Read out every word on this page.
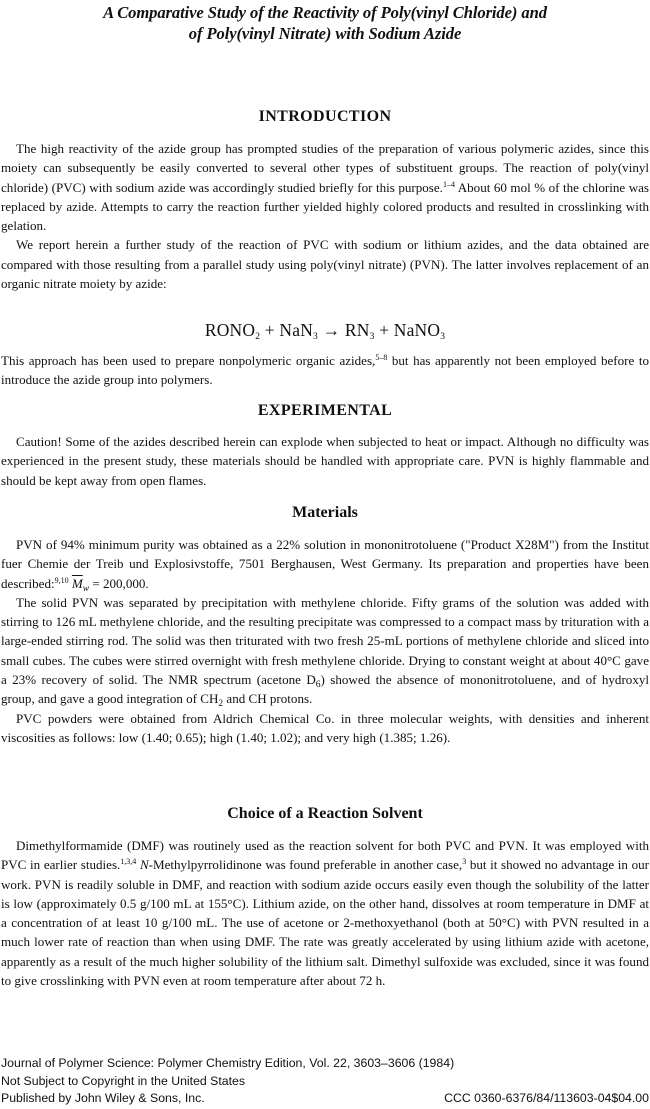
A Comparative Study of the Reactivity of Poly(vinyl Chloride) and
of Poly(vinyl Nitrate) with Sodium Azide
INTRODUCTION

The high reactivity of the azide group has prompted studies of the preparation of various polymeric azides, since this moiety can subsequently be easily converted to several other types of substituent groups. The reaction of poly(vinyl chloride) (PVC) with sodium azide was accordingly studied briefly for this purpose.$^{1-4}$ About 60 mol % of the chlorine was replaced by azide. Attempts to carry the reaction further yielded highly colored products and resulted in crosslinking with gelation.

We report herein a further study of the reaction of PVC with sodium or lithium azides, and the data obtained are compared with those resulting from a parallel study using poly(vinyl nitrate) (PVN). The latter involves replacement of an organic nitrate moiety by azide:

$RONO_2 + NaN_3 \to RN_3$ + NaNO$_3$

This approach has been used to prepare nonpolymeric organic azides,$^{5-8}$ but has apparently not been employed before to introduce the azide group into polymers.

EXPERIMENTAL

Caution! Some of the azides described herein can explode when subjected to heat or impact. Although no difficulty was experienced in the present study, these materials should be handled with appropriate care. PVN is highly flammable and should be kept away from open flames.

Materials

PVN of 94% minimum purity was obtained as a 22% solution in mononitrotoluene ("Product X28M") from the Institut fuer Chemie der Treib und Explosivstoffe, 7501 Berghausen, West Germany. Its preparation and properties have been described:$^{9,10}$ $\overline{M}_w = 200,000$.

The solid PVN was separated by precipitation with methylene chloride. Fifty grams of the solution was added with stirring to 126 mL methylene chloride, and the resulting precipitate was compressed to a compact mass by trituration with a large-ended stirring rod. The solid was then triturated with two fresh 25-mL portions of methylene chloride and sliced into small cubes. The cubes were stirred overnight with fresh methylene chloride. Drying to constant weight at about 40°C gave a 23% recovery of solid. The NMR spectrum (acetone $D_6$) showed the absence of mononitrotoluene, and of hydroxyl group, and gave a good integration of $CH_2$ and CH protons.

PVC powders were obtained from Aldrich Chemical Co. in three molecular weights, with densities and inherent viscosities as follows: low (1.40; 0.65); high (1.40; 1.02); and very high (1.385; 1.26).

Choice of a Reaction Solvent

Dimethylformamide (DMF) was routinely used as the reaction solvent for both PVC and PVN. It was employed with PVC in earlier studies.$^{1,3,4}$ N-Methylpyrrolidinone was found preferable in another case,$^3$ but it showed no advantage in our work. PVN is readily soluble in DMF, and reaction with sodium azide occurs easily even though the solubility of the latter is low (approximately 0.5 g/100 mL at 155°C). Lithium azide, on the other hand, dissolves at room temperature in DMF at a concentration of at least 10 g/100 mL. The use of acetone or 2-methoxyethanol (both at 50°C) with PVN resulted in a much lower rate of reaction than when using DMF. The rate was greatly accelerated by using lithium azide with acetone, apparently as a result of the much higher solubility of the lithium salt. Dimethyl sulfoxide was excluded, since it was found to give crosslinking with PVN even at room temperature after about 72 h.

Journal of Polymer Science: Polymer Chemistry Edition, Vol. 22, 3603–3606 (1984)
Not Subject to Copyright in the United States
Published by John Wiley & Sons, Inc.	CCC 0360-6376/84/113603-04$04.00
